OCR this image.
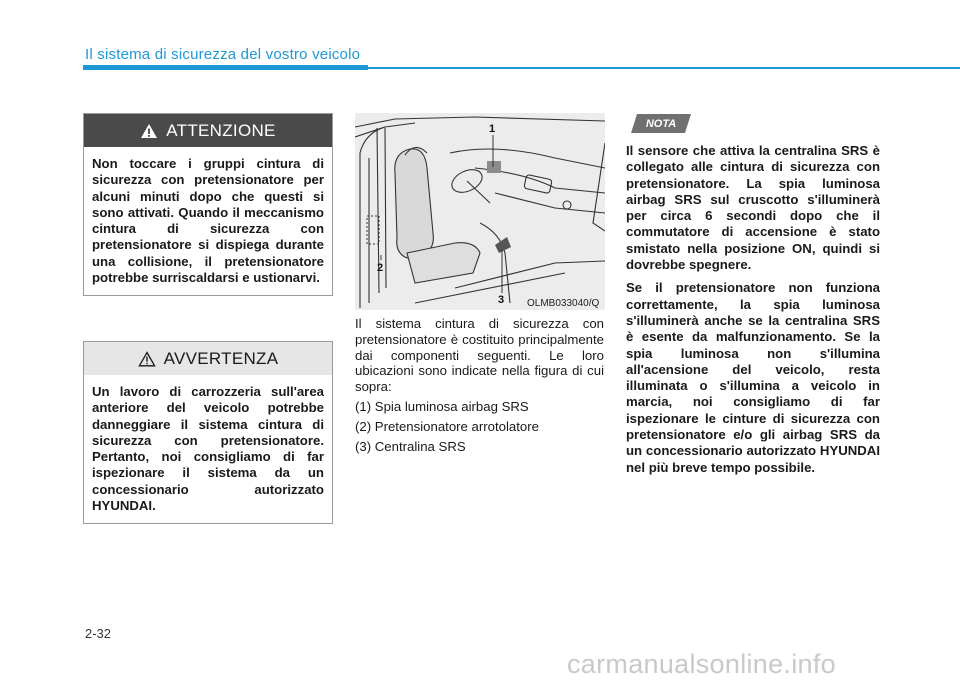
Il sistema di sicurezza del vostro veicolo
ATTENZIONE
Non toccare i gruppi cintura di sicurezza con pretensionatore per alcuni minuti dopo che questi si sono attivati. Quando il meccanismo cintura di sicurezza con pretensionatore si dispiega durante una collisione, il pretensionatore potrebbe surriscaldarsi e ustionarvi.
AVVERTENZA
Un lavoro di carrozzeria sull'area anteriore del veicolo potrebbe danneggiare il sistema cintura di sicurezza con pretensionatore. Pertanto, noi consigliamo di far ispezionare il sistema da un concessionario autorizzato HYUNDAI.
1
2
3 OLMB033040/Q

Il sistema cintura di sicurezza con pretensionatore è costituito principalmente dai componenti seguenti. Le loro ubicazioni sono indicate nella figura di cui sopra:

(1) Spia luminosa airbag SRS

(2) Pretensionatore arrotolatore

(3) Centralina SRS

NOTA

Il sensore che attiva la centralina SRS è collegato alle cintura di sicurezza con pretensionatore. La spia luminosa airbag SRS sul cruscotto s'illuminerà per circa 6 secondi dopo che il commutatore di accensione è stato smistato nella posizione ON, quindi si dovrebbe spegnere.

Se il pretensionatore non funziona correttamente, la spia luminosa s'illuminerà anche se la centralina SRS è esente da malfunzionamento. Se la spia luminosa non s'illumina all'acensione del veicolo, resta illuminata o s'illumina a veicolo in marcia, noi consigliamo di far ispezionare le cinture di sicurezza con pretensionatore e/o gli airbag SRS da un concessionario autorizzato HYUNDAI nel più breve tempo possibile.

2-32
carmanualsonline.info
